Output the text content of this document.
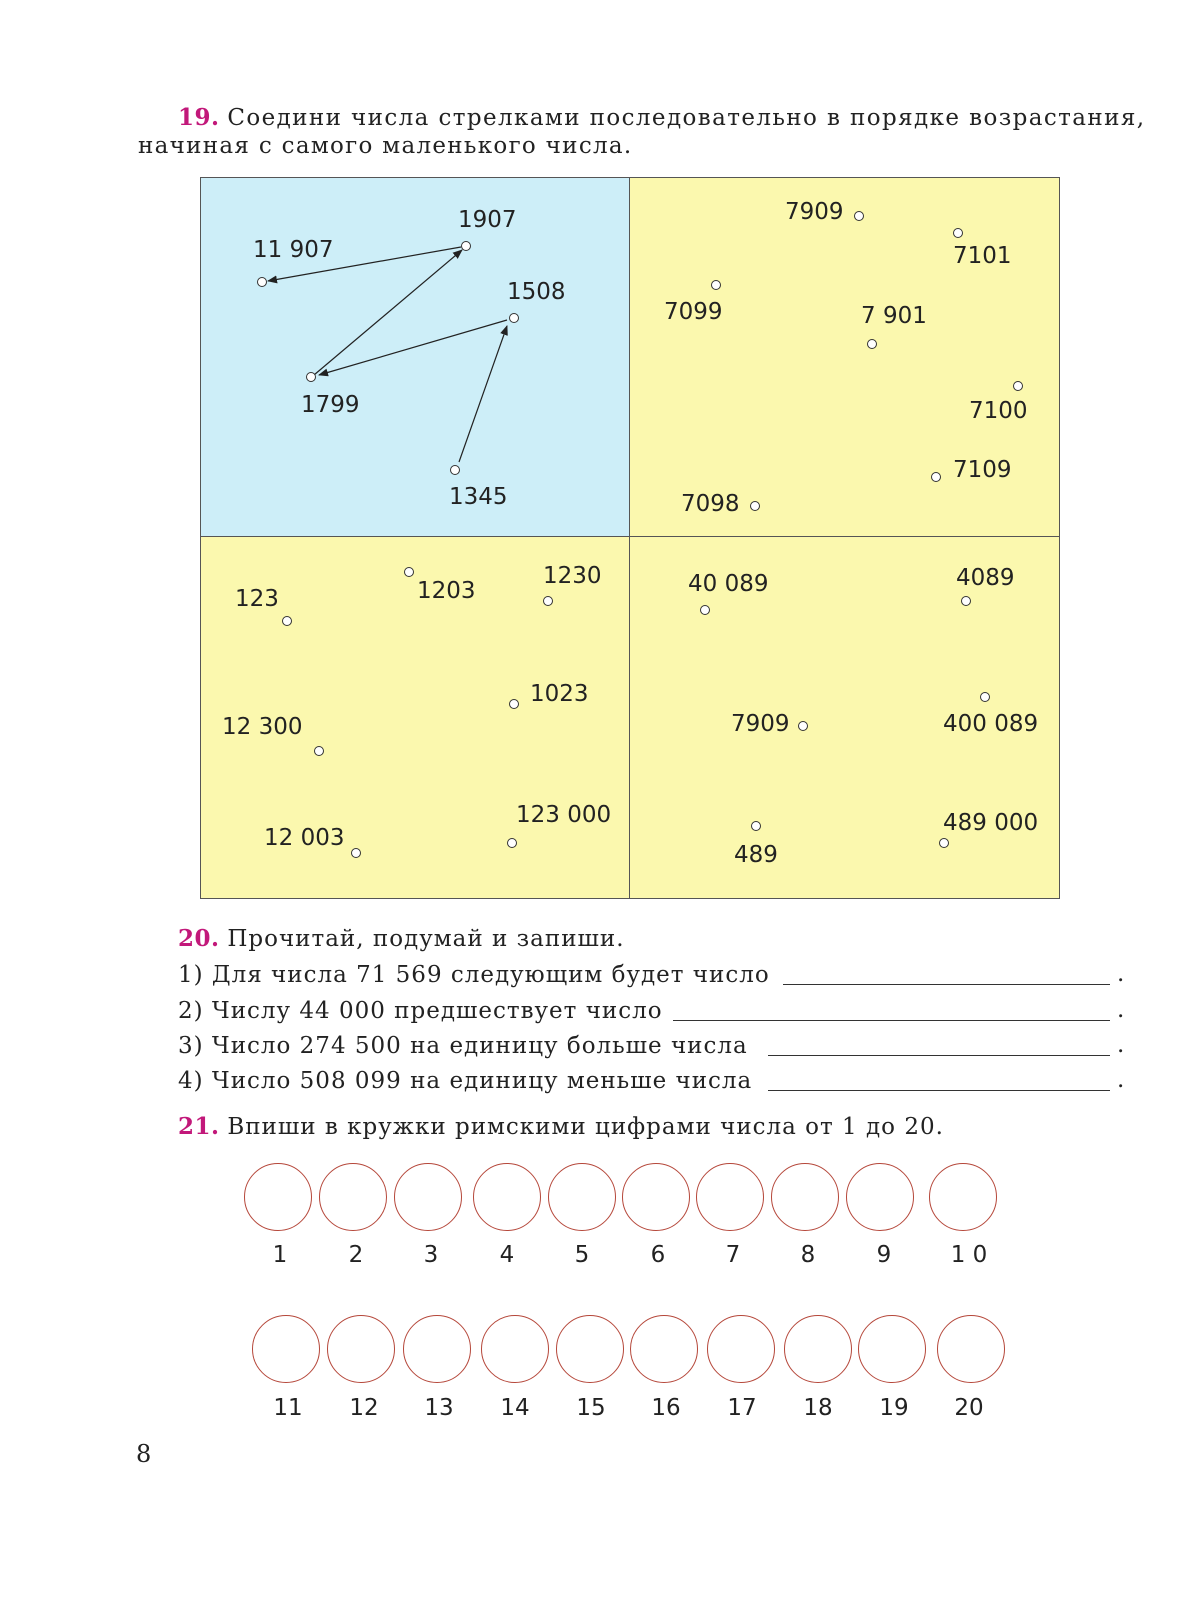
19. Соедини числа стрелками последовательно в порядке возрастания,
начиная с самого маленького числа.
11 907
1907
1508
1799
1345
7909
7101
7099	7 901
7100
7109
7098
123	1203
1230
1023
12 300
12 003
123 000
40 089	4089
7909	400 089
489
489 000
20. Прочитай, подумай и запиши.
1) Для числа 71 569 следующим будет число	.
2) Числу 44 000 предшествует число	.
3) Число 274 500 на единицу больше числа	.
4) Число 508 099 на единицу меньше числа	.
21. Впиши в кружки римскими цифрами числа от 1 до 20.
1	2	3	4	5	6	7	8	9	1 0
11	12	13	14	15	16	17	18	19	20
8
